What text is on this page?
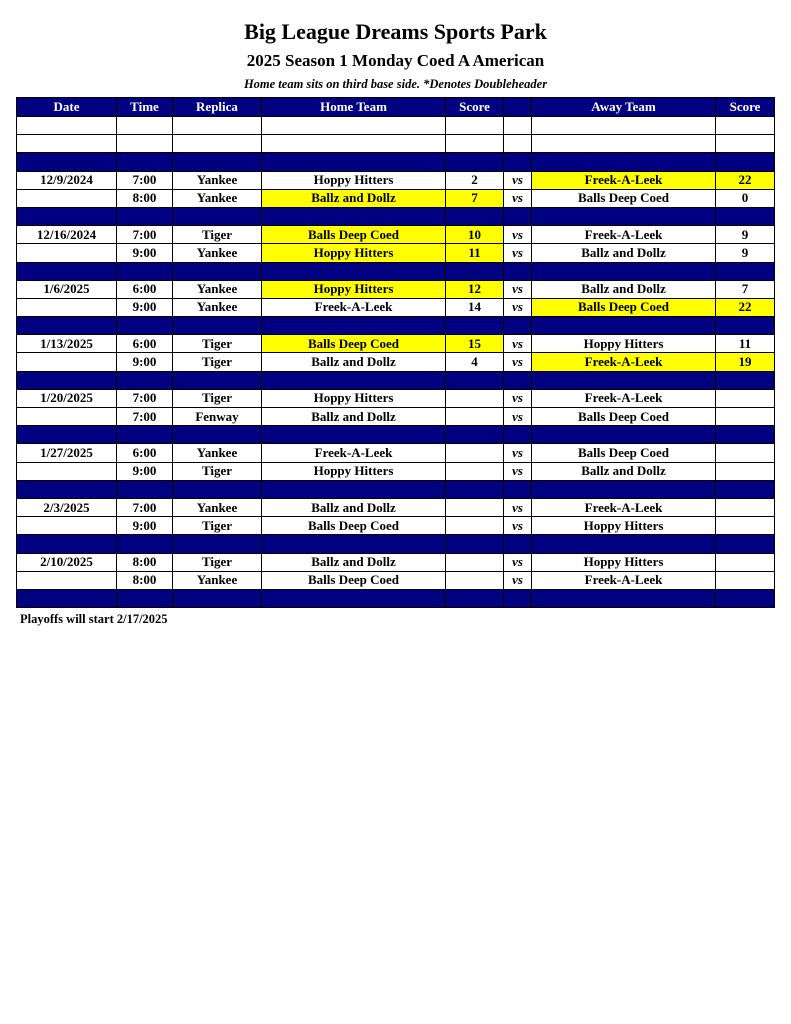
Big League Dreams Sports Park
2025 Season 1 Monday Coed A American
Home team sits on third base side. *Denotes Doubleheader
Date	Time	Replica	Home Team	Score		Away Team	Score

12/9/2024	7:00	Yankee	Hoppy Hitters	2	vs	Freek-A-Leek	22
	8:00	Yankee	Ballz and Dollz	7	vs	Balls Deep Coed	0

12/16/2024	7:00	Tiger	Balls Deep Coed	10	vs	Freek-A-Leek	9
	9:00	Yankee	Hoppy Hitters	11	vs	Ballz and Dollz	9

1/6/2025	6:00	Yankee	Hoppy Hitters	12	vs	Ballz and Dollz	7
	9:00	Yankee	Freek-A-Leek	14	vs	Balls Deep Coed	22

1/13/2025	6:00	Tiger	Balls Deep Coed	15	vs	Hoppy Hitters	11
	9:00	Tiger	Ballz and Dollz	4	vs	Freek-A-Leek	19

1/20/2025	7:00	Tiger	Hoppy Hitters		vs	Freek-A-Leek	
	7:00	Fenway	Ballz and Dollz		vs	Balls Deep Coed	

1/27/2025	6:00	Yankee	Freek-A-Leek		vs	Balls Deep Coed	
	9:00	Tiger	Hoppy Hitters		vs	Ballz and Dollz	

2/3/2025	7:00	Yankee	Ballz and Dollz		vs	Freek-A-Leek	
	9:00	Tiger	Balls Deep Coed		vs	Hoppy Hitters	

2/10/2025	8:00	Tiger	Ballz and Dollz		vs	Hoppy Hitters	
	8:00	Yankee	Balls Deep Coed		vs	Freek-A-Leek	

Playoffs will start 2/17/2025
